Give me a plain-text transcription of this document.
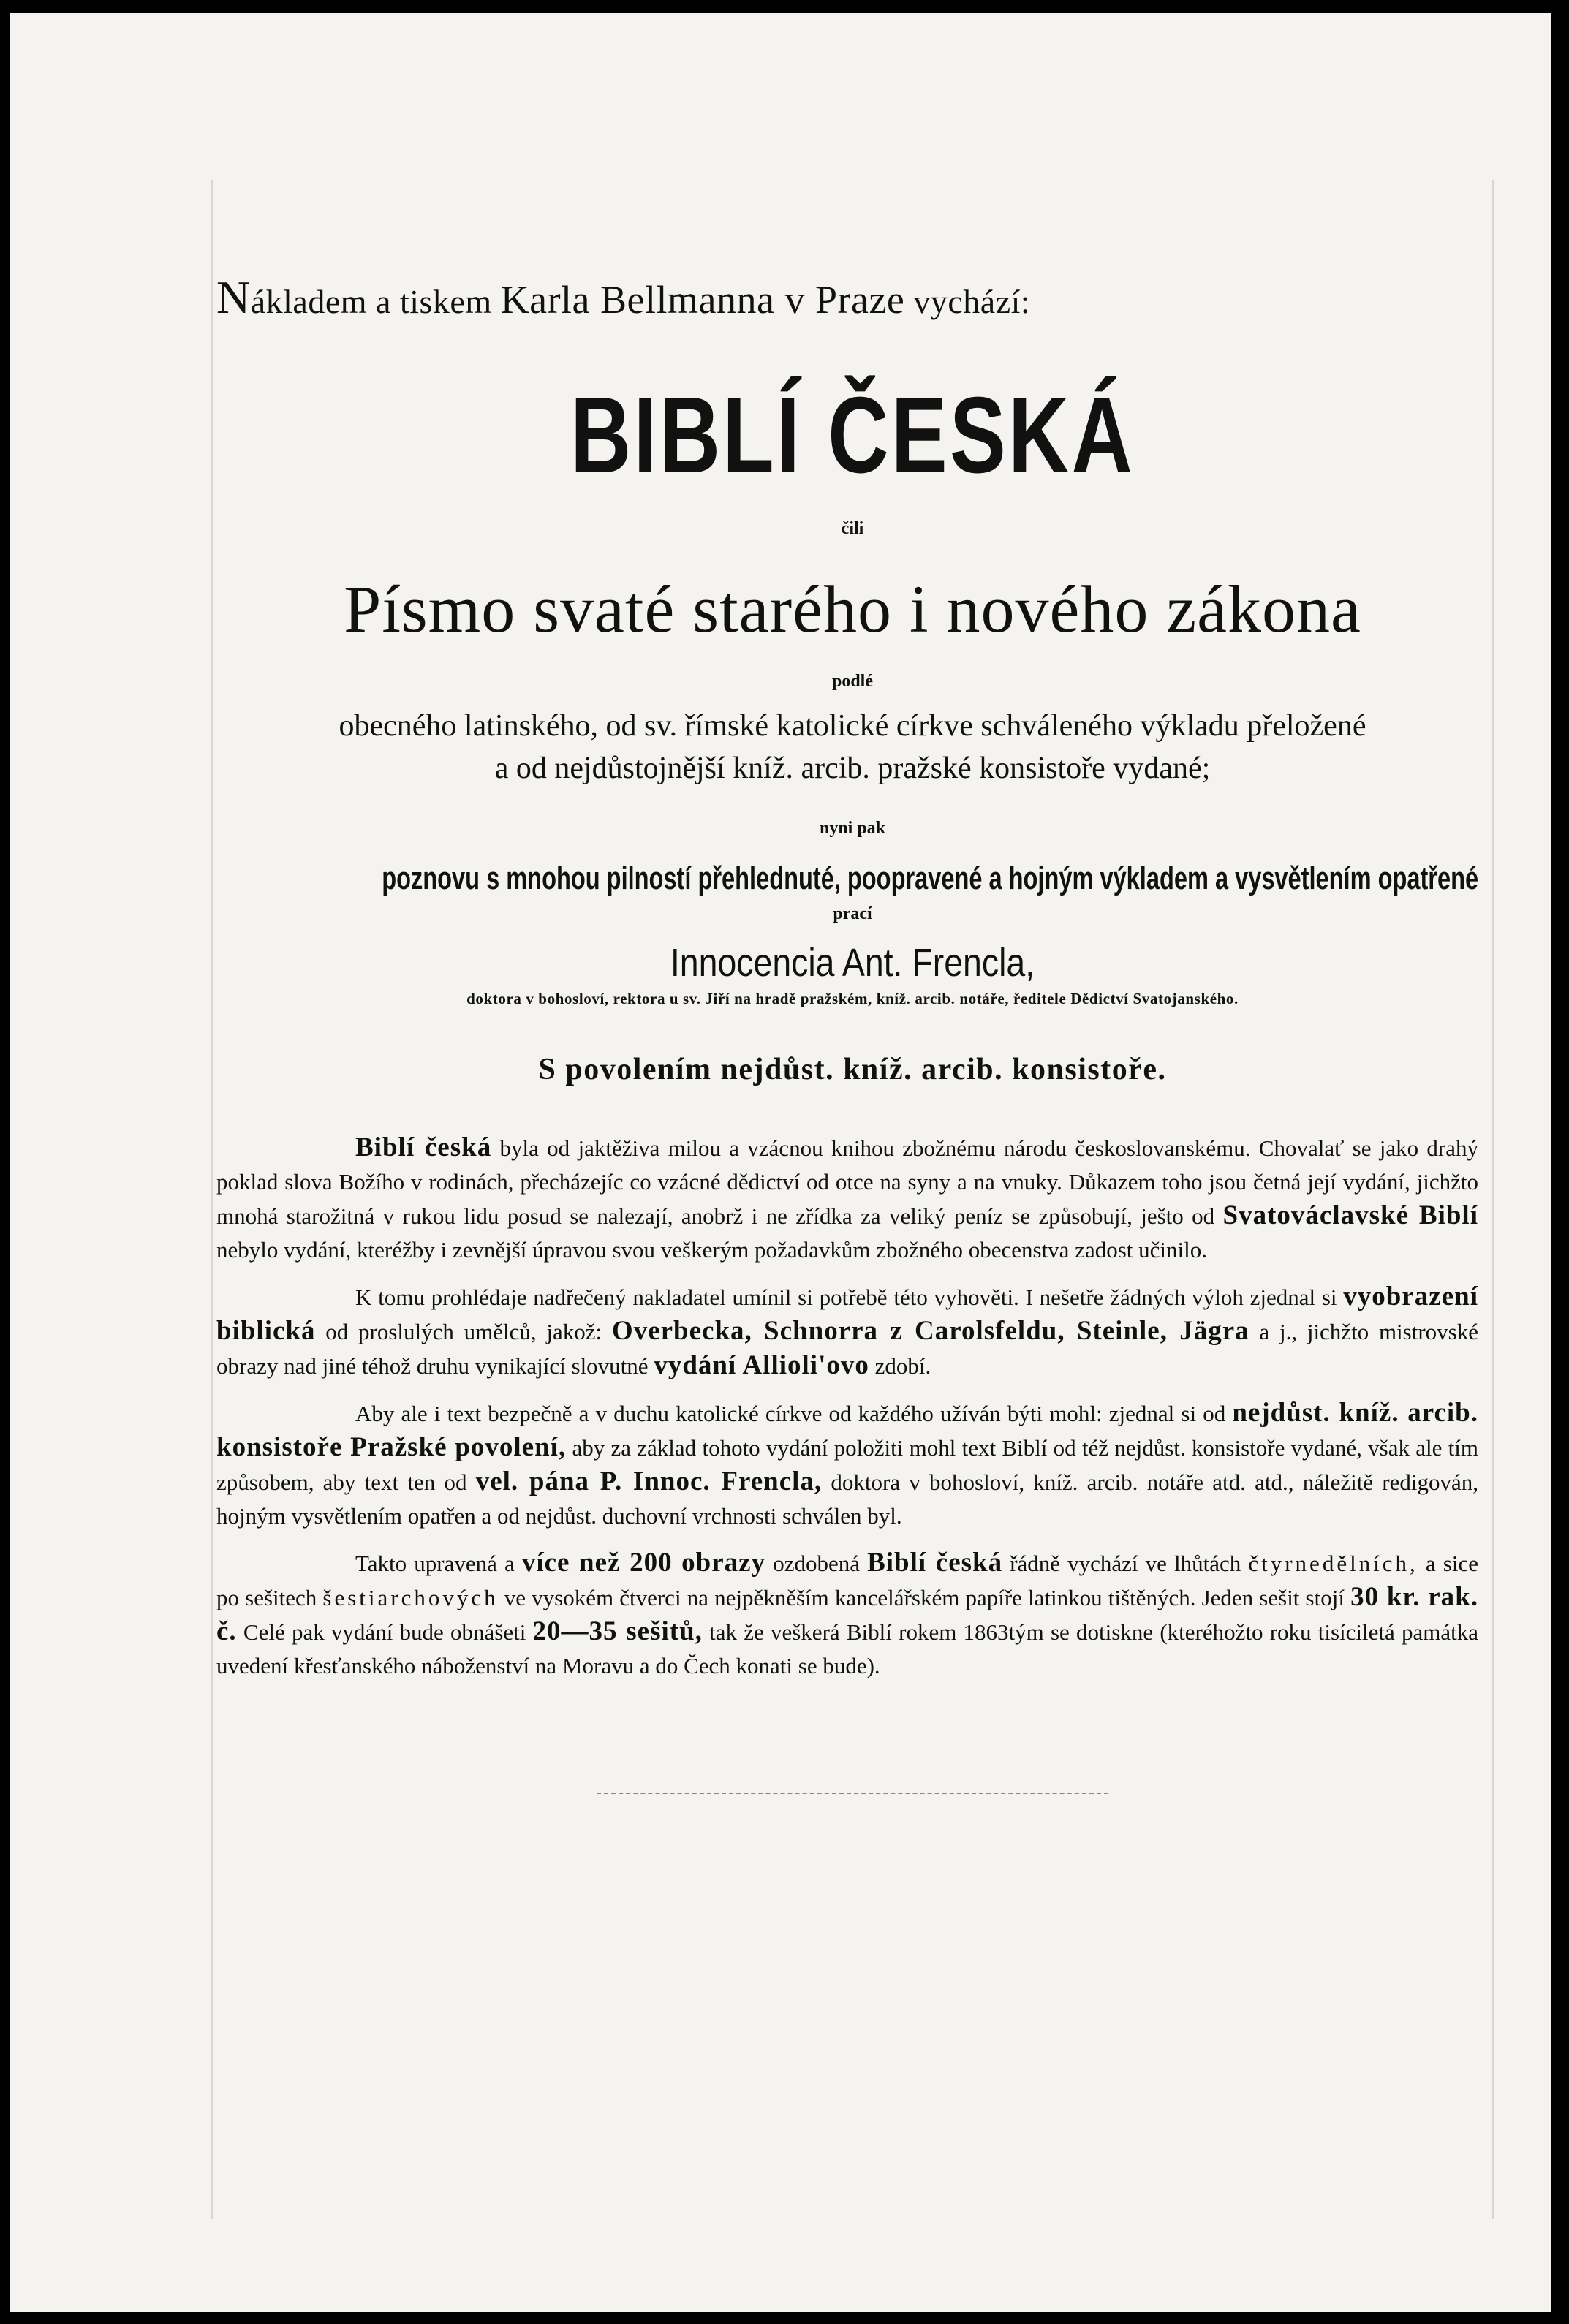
Nákladem a tiskem Karla Bellmanna v Praze vychází:
BIBLÍ ČESKÁ
čili
Písmo svaté starého i nového zákona
podlé
obecného latinského, od sv. římské katolické církve schváleného výkladu přeložené
a od nejdůstojnější kníž. arcib. pražské konsistoře vydané;
nyni pak
poznovu s mnohou pilností přehlednuté, poopravené a hojným výkladem a vysvětlením opatřené
prací
Innocencia Ant. Frencla,
doktora v bohosloví, rektora u sv. Jiří na hradě pražském, kníž. arcib. notáře, ředitele Dědictví Svatojanského.
S povolením nejdůst. kníž. arcib. konsistoře.

Biblí česká byla od jaktěživa milou a vzácnou knihou zbožnému národu českoslovanskému. Chovalať se jako drahý poklad slova Božího v rodinách, přecházejíc co vzácné dědictví od otce na syny a na vnuky. Důkazem toho jsou četná její vydání, jichžto mnohá starožitná v rukou lidu posud se nalezají, anobrž i ne zřídka za veliký peníz se způsobují, ješto od Svatováclavské Biblí nebylo vydání, kteréžby i zevnější úpravou svou veškerým požadavkům zbožného obecenstva zadost učinilo.

K tomu prohlédaje nadřečený nakladatel umínil si potřebě této vyhověti. I nešetře žádných výloh zjednal si vyobrazení biblická od proslulých umělců, jakož: Overbecka, Schnorra z Carolsfeldu, Steinle, Jägra a j., jichžto mistrovské obrazy nad jiné téhož druhu vynikající slovutné vydání Allioli'ovo zdobí.

Aby ale i text bezpečně a v duchu katolické církve od každého užíván býti mohl: zjednal si od nejdůst. kníž. arcib. konsistoře Pražské povolení, aby za základ tohoto vydání položiti mohl text Biblí od též nejdůst. konsistoře vydané, však ale tím způsobem, aby text ten od vel. pána P. Innoc. Frencla, doktora v bohosloví, kníž. arcib. notáře atd. atd., náležitě redigován, hojným vysvětlením opatřen a od nejdůst. duchovní vrchnosti schválen byl.

Takto upravená a více než 200 obrazy ozdobená Biblí česká řádně vychází ve lhůtách čtyrnedělních, a sice po sešitech šestiarchových ve vysokém čtverci na nejpěkněším kancelářském papíře latinkou tištěných. Jeden sešit stojí 30 kr. rak. č. Celé pak vydání bude obnášeti 20—35 sešitů, tak že veškerá Biblí rokem 1863tým se dotiskne (kteréhožto roku tisíciletá památka uvedení křesťanského náboženství na Moravu a do Čech konati se bude).
